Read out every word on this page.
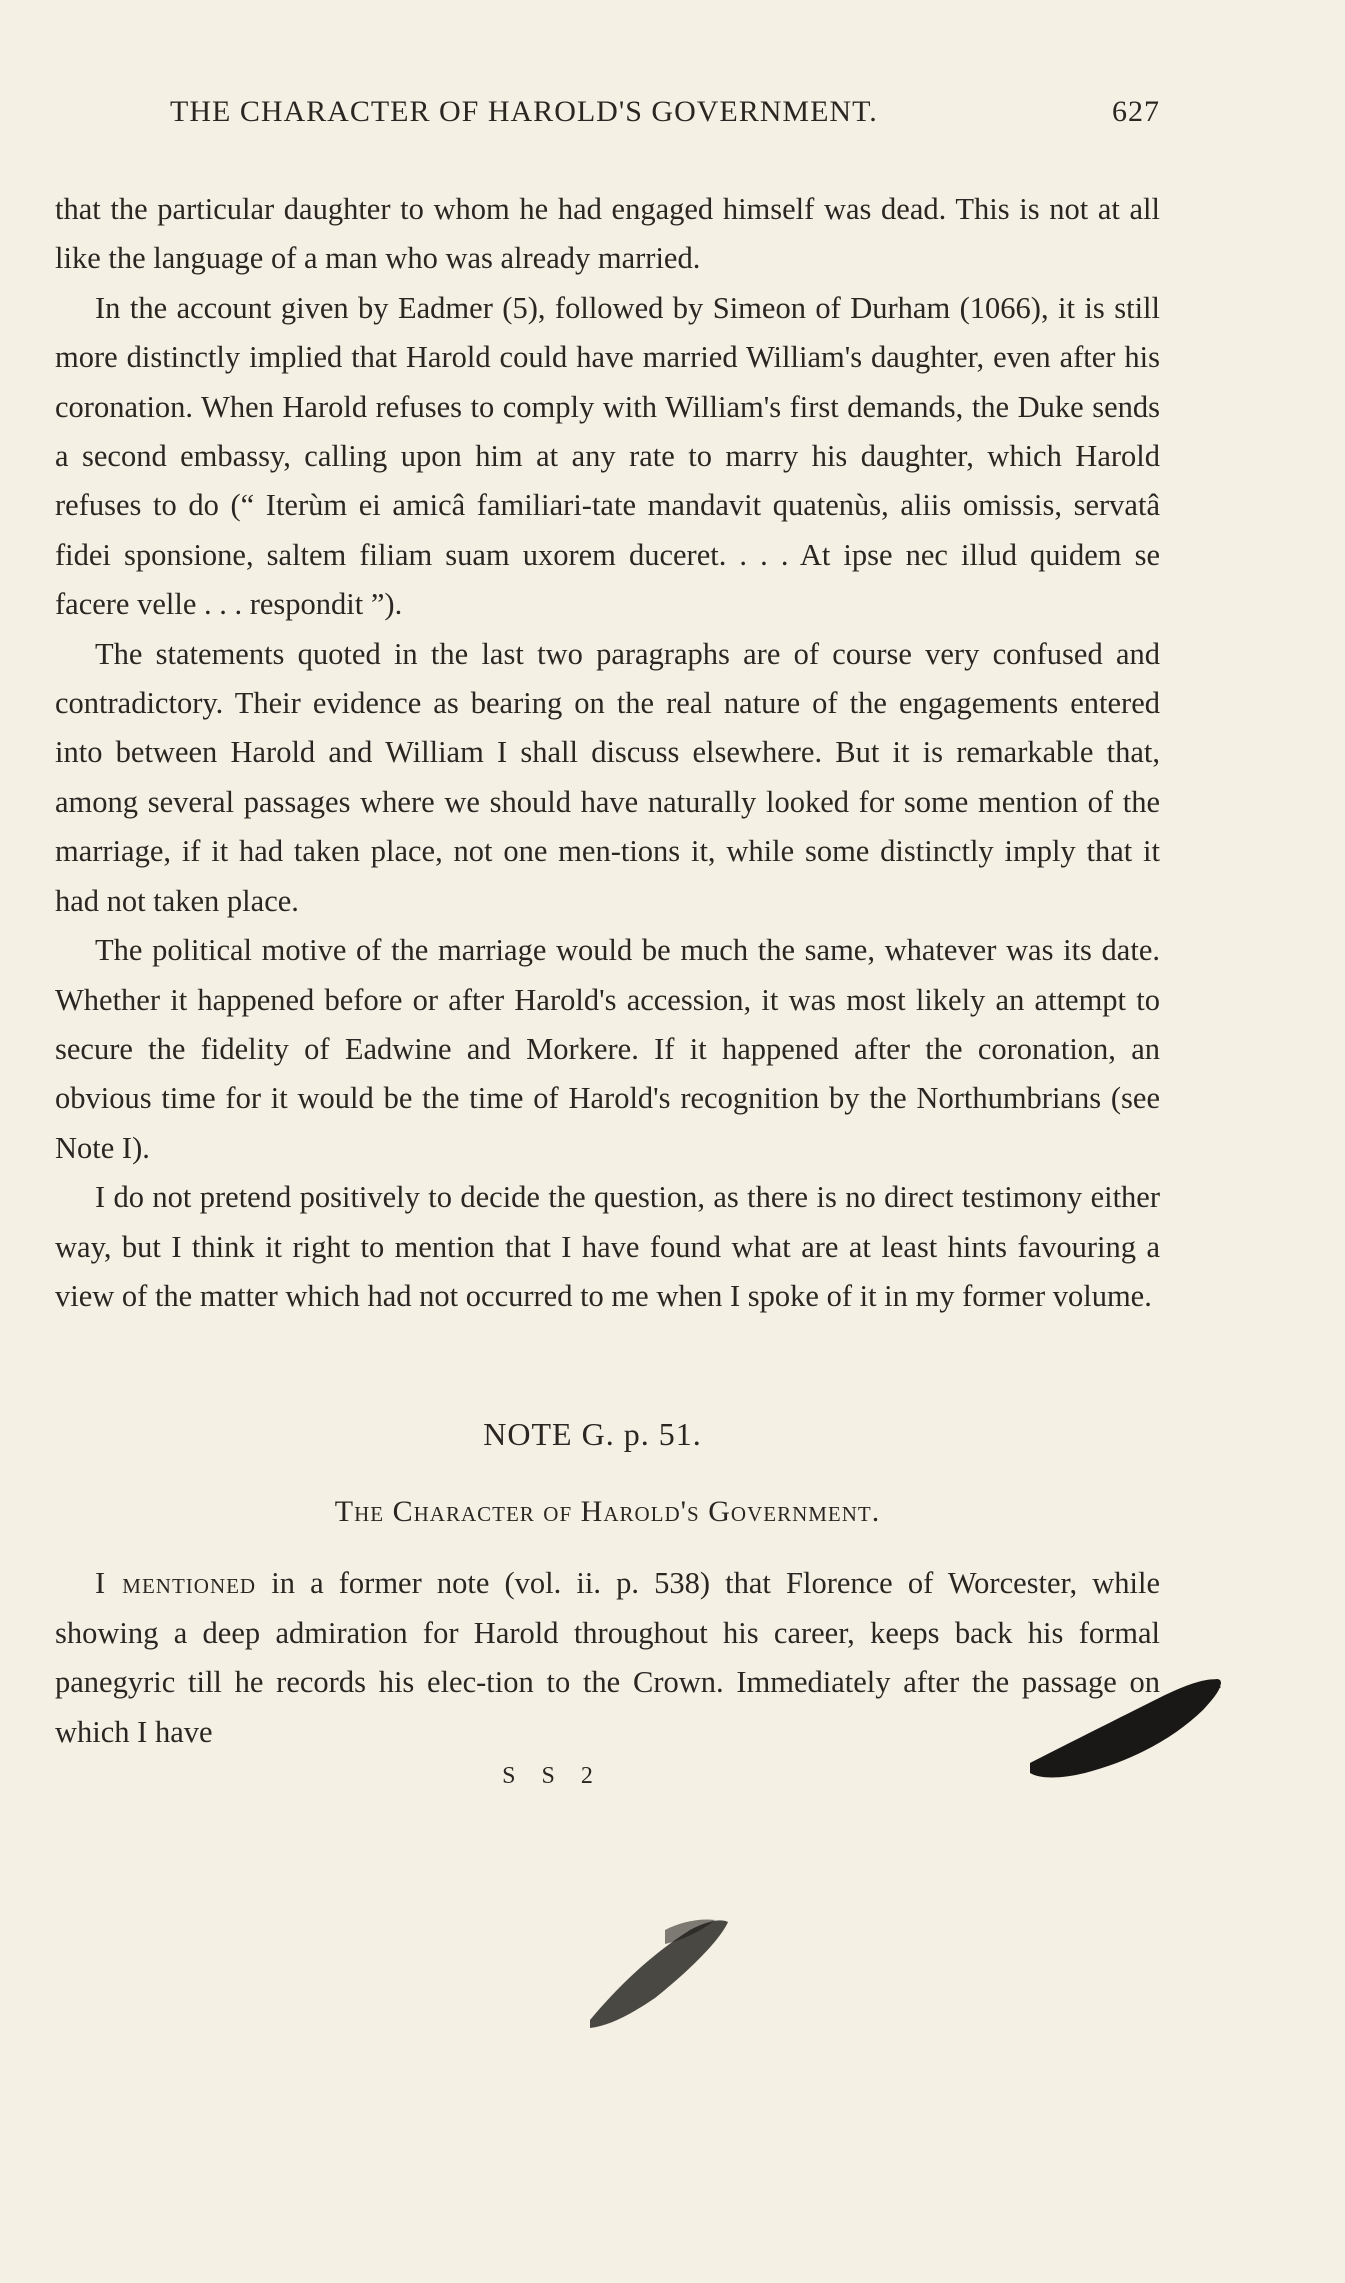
THE CHARACTER OF HAROLD'S GOVERNMENT.	627

that the particular daughter to whom he had engaged himself was dead. This is not at all like the language of a man who was already married.

In the account given by Eadmer (5), followed by Simeon of Durham (1066), it is still more distinctly implied that Harold could have married William's daughter, even after his coronation. When Harold refuses to comply with William's first demands, the Duke sends a second embassy, calling upon him at any rate to marry his daughter, which Harold refuses to do (“ Iterùm ei amicâ familiari-tate mandavit quatenùs, aliis omissis, servatâ fidei sponsione, saltem filiam suam uxorem duceret. . . . At ipse nec illud quidem se facere velle . . . respondit ”).

The statements quoted in the last two paragraphs are of course very confused and contradictory. Their evidence as bearing on the real nature of the engagements entered into between Harold and William I shall discuss elsewhere. But it is remarkable that, among several passages where we should have naturally looked for some mention of the marriage, if it had taken place, not one men-tions it, while some distinctly imply that it had not taken place.

The political motive of the marriage would be much the same, whatever was its date. Whether it happened before or after Harold's accession, it was most likely an attempt to secure the fidelity of Eadwine and Morkere. If it happened after the coronation, an obvious time for it would be the time of Harold's recognition by the Northumbrians (see Note I).

I do not pretend positively to decide the question, as there is no direct testimony either way, but I think it right to mention that I have found what are at least hints favouring a view of the matter which had not occurred to me when I spoke of it in my former volume.

NOTE G. p. 51.
The Character of Harold's Government.

I mentioned in a former note (vol. ii. p. 538) that Florence of Worcester, while showing a deep admiration for Harold throughout his career, keeps back his formal panegyric till he records his elec-tion to the Crown. Immediately after the passage on which I have

S S 2
